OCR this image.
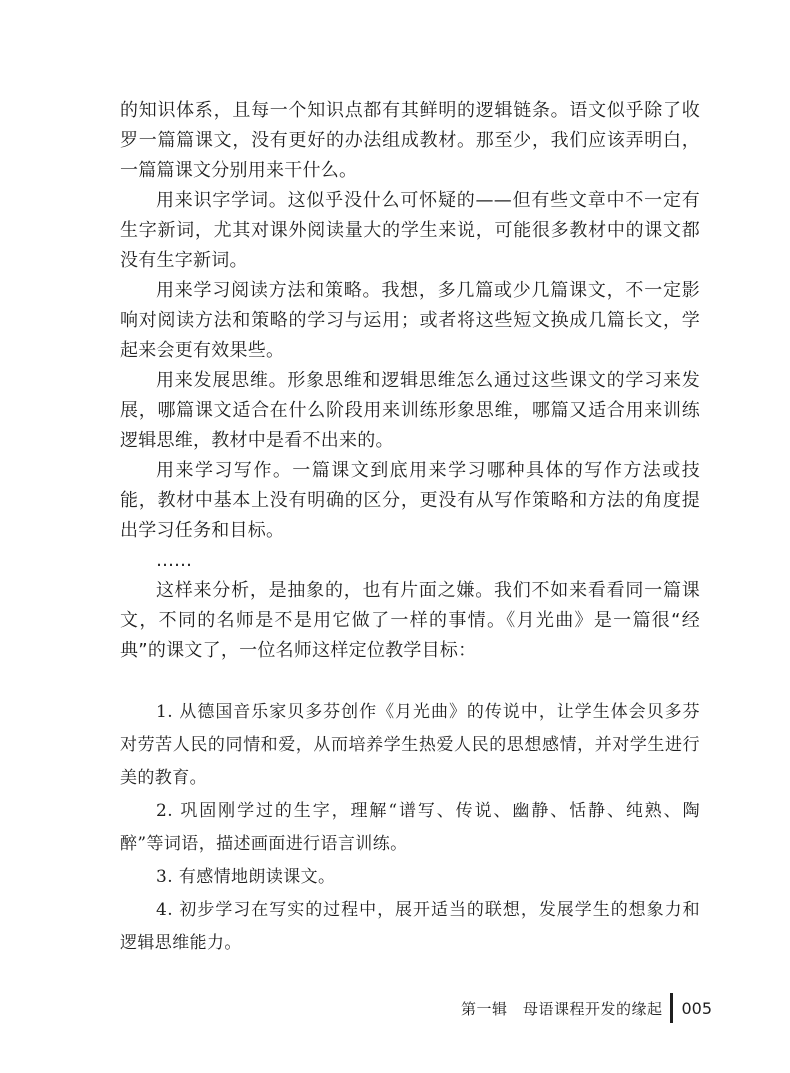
的知识体系，且每一个知识点都有其鲜明的逻辑链条。语文似乎除了收罗一篇篇课文，没有更好的办法组成教材。那至少，我们应该弄明白，一篇篇课文分别用来干什么。

用来识字学词。这似乎没什么可怀疑的——但有些文章中不一定有生字新词，尤其对课外阅读量大的学生来说，可能很多教材中的课文都没有生字新词。

用来学习阅读方法和策略。我想，多几篇或少几篇课文，不一定影响对阅读方法和策略的学习与运用；或者将这些短文换成几篇长文，学起来会更有效果些。

用来发展思维。形象思维和逻辑思维怎么通过这些课文的学习来发展，哪篇课文适合在什么阶段用来训练形象思维，哪篇又适合用来训练逻辑思维，教材中是看不出来的。

用来学习写作。一篇课文到底用来学习哪种具体的写作方法或技能，教材中基本上没有明确的区分，更没有从写作策略和方法的角度提出学习任务和目标。

……

这样来分析，是抽象的，也有片面之嫌。我们不如来看看同一篇课文，不同的名师是不是用它做了一样的事情。《月光曲》是一篇很“经典”的课文了，一位名师这样定位教学目标：

1. 从德国音乐家贝多芬创作《月光曲》的传说中，让学生体会贝多芬对劳苦人民的同情和爱，从而培养学生热爱人民的思想感情，并对学生进行美的教育。

2. 巩固刚学过的生字，理解“谱写、传说、幽静、恬静、纯熟、陶醉”等词语，描述画面进行语言训练。

3. 有感情地朗读课文。

4. 初步学习在写实的过程中，展开适当的联想，发展学生的想象力和逻辑思维能力。

第一辑　母语课程开发的缘起 005
